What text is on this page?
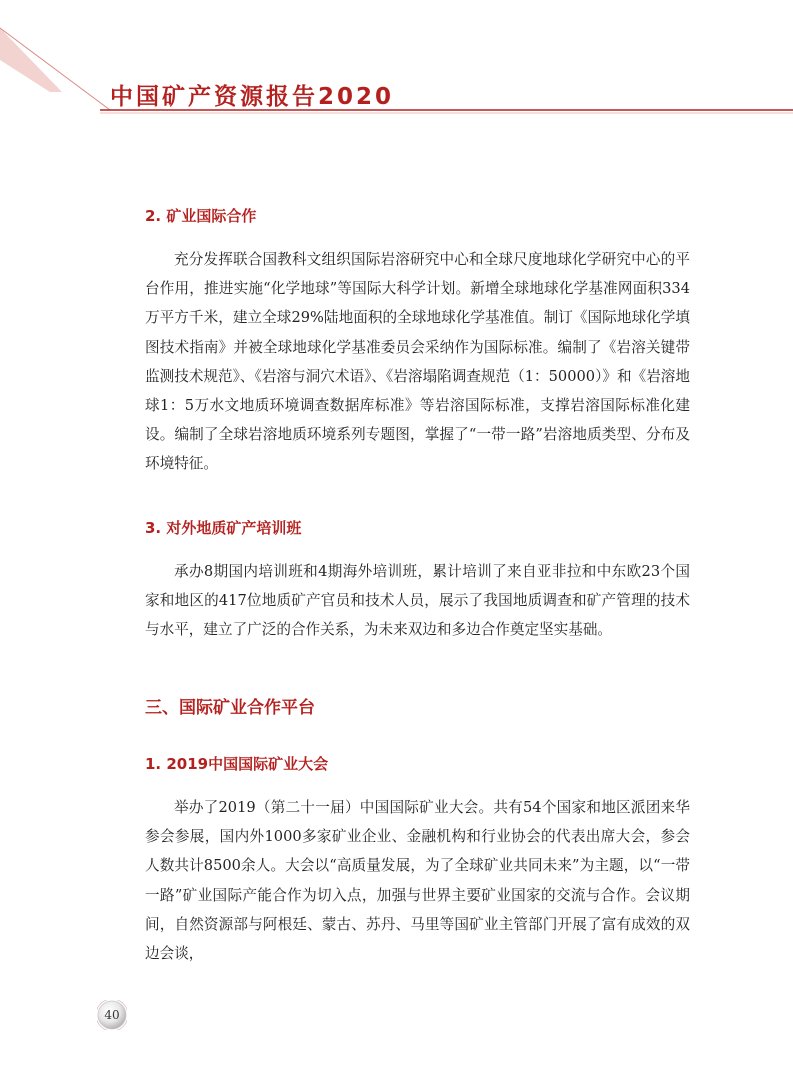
中国矿产资源报告2020
2. 矿业国际合作

充分发挥联合国教科文组织国际岩溶研究中心和全球尺度地球化学研究中心的平台作用，推进实施“化学地球”等国际大科学计划。新增全球地球化学基准网面积334万平方千米，建立全球29%陆地面积的全球地球化学基准值。制订《国际地球化学填图技术指南》并被全球地球化学基准委员会采纳作为国际标准。编制了《岩溶关键带监测技术规范》、《岩溶与洞穴术语》、《岩溶塌陷调查规范（1：50000）》和《岩溶地球1：5万水文地质环境调查数据库标准》等岩溶国际标准，支撑岩溶国际标准化建设。编制了全球岩溶地质环境系列专题图，掌握了“一带一路”岩溶地质类型、分布及环境特征。

3. 对外地质矿产培训班

承办8期国内培训班和4期海外培训班，累计培训了来自亚非拉和中东欧23个国家和地区的417位地质矿产官员和技术人员，展示了我国地质调查和矿产管理的技术与水平，建立了广泛的合作关系，为未来双边和多边合作奠定坚实基础。

三、国际矿业合作平台
1. 2019中国国际矿业大会

举办了2019（第二十一届）中国国际矿业大会。共有54个国家和地区派团来华参会参展，国内外1000多家矿业企业、金融机构和行业协会的代表出席大会，参会人数共计8500余人。大会以“高质量发展，为了全球矿业共同未来”为主题，以“一带一路”矿业国际产能合作为切入点，加强与世界主要矿业国家的交流与合作。会议期间，自然资源部与阿根廷、蒙古、苏丹、马里等国矿业主管部门开展了富有成效的双边会谈，

40
